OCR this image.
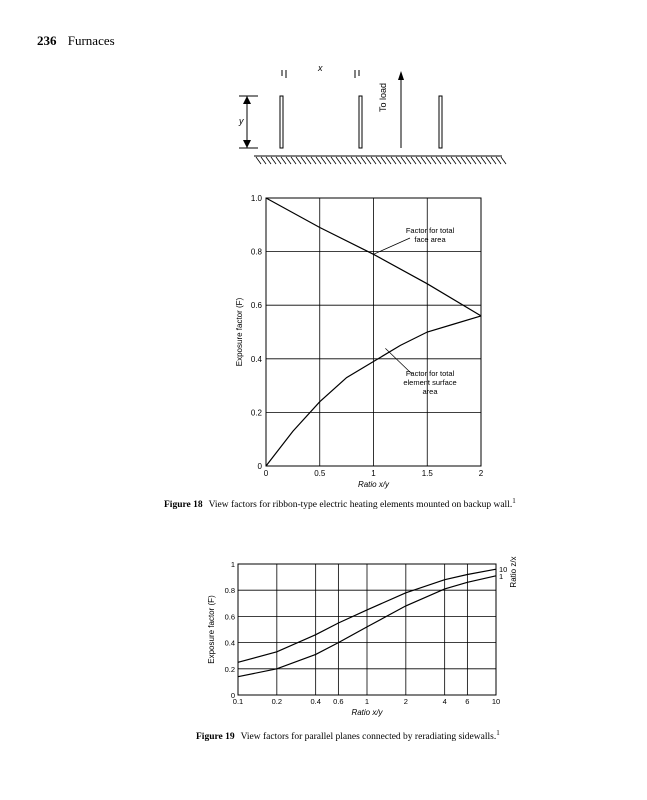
236 Furnaces
x
y
To load
0	0.5	1	1.5	2
0
0.2
0.4
0.6
0.8
1.0
Ratio x/y
Exposure factor (F)
Factor for total
face area
Factor for total
element surface
area
Figure 18 View factors for ribbon-type electric heating elements mounted on backup wall.$^1$
0.1	0.2	0.4 0.6	1	2	4 6	10
0
0.2
0.4
0.6
0.8
1
Ratio x/y
Exposure factor (F)
Ratio z/x
10
1
Figure 19 View factors for parallel planes connected by reradiating sidewalls.$^1$
